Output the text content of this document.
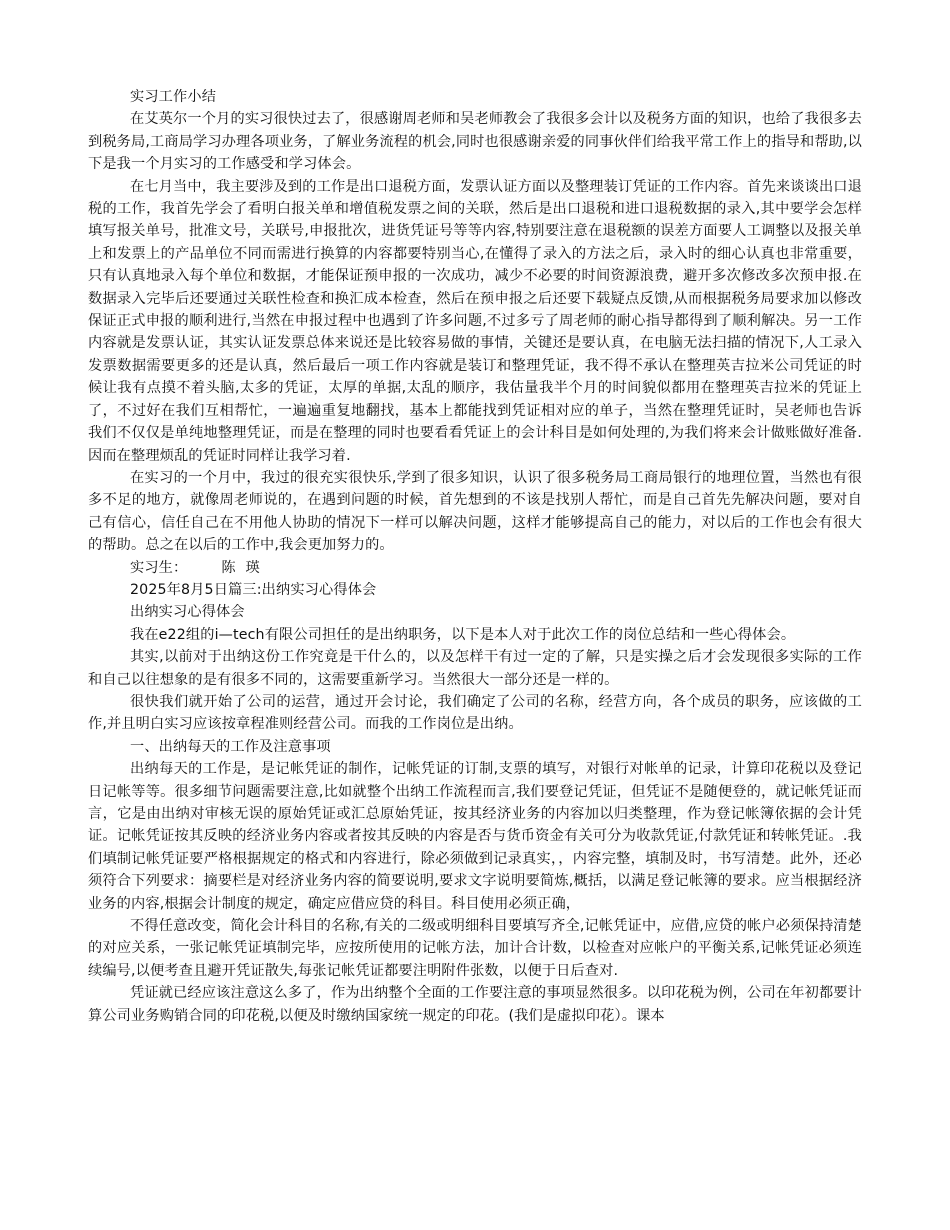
实习工作小结

在艾英尔一个月的实习很快过去了，很感谢周老师和吴老师教会了我很多会计以及税务方面的知识，也给了我很多去到税务局,工商局学习办理各项业务，了解业务流程的机会,同时也很感谢亲爱的同事伙伴们给我平常工作上的指导和帮助,以下是我一个月实习的工作感受和学习体会。

在七月当中，我主要涉及到的工作是出口退税方面，发票认证方面以及整理装订凭证的工作内容。首先来谈谈出口退税的工作，我首先学会了看明白报关单和增值税发票之间的关联，然后是出口退税和进口退税数据的录入,其中要学会怎样填写报关单号，批准文号，关联号,申报批次，进货凭证号等等内容,特别要注意在退税额的误差方面要人工调整以及报关单上和发票上的产品单位不同而需进行换算的内容都要特别当心,在懂得了录入的方法之后，录入时的细心认真也非常重要，只有认真地录入每个单位和数据，才能保证预申报的一次成功，减少不必要的时间资源浪费，避开多次修改多次预申报.在数据录入完毕后还要通过关联性检查和换汇成本检查，然后在预申报之后还要下载疑点反馈,从而根据税务局要求加以修改保证正式申报的顺利进行,当然在申报过程中也遇到了许多问题,不过多亏了周老师的耐心指导都得到了顺利解决。另一工作内容就是发票认证，其实认证发票总体来说还是比较容易做的事情，关键还是要认真，在电脑无法扫描的情况下,人工录入发票数据需要更多的还是认真，然后最后一项工作内容就是装订和整理凭证，我不得不承认在整理英吉拉米公司凭证的时候让我有点摸不着头脑,太多的凭证，太厚的单据,太乱的顺序，我估量我半个月的时间貌似都用在整理英吉拉米的凭证上了，不过好在我们互相帮忙，一遍遍重复地翻找，基本上都能找到凭证相对应的单子，当然在整理凭证时，吴老师也告诉我们不仅仅是单纯地整理凭证，而是在整理的同时也要看看凭证上的会计科目是如何处理的,为我们将来会计做账做好准备.因而在整理烦乱的凭证时同样让我学习着.

在实习的一个月中，我过的很充实很快乐,学到了很多知识，认识了很多税务局工商局银行的地理位置，当然也有很多不足的地方，就像周老师说的，在遇到问题的时候，首先想到的不该是找别人帮忙，而是自己首先先解决问题，要对自己有信心，信任自己在不用他人协助的情况下一样可以解决问题，这样才能够提高自己的能力，对以后的工作也会有很大的帮助。总之在以后的工作中,我会更加努力的。

实习生： 陈瑛

2025年8月5日篇三:出纳实习心得体会

出纳实习心得体会

我在e22组的i—tech有限公司担任的是出纳职务，以下是本人对于此次工作的岗位总结和一些心得体会。

其实,以前对于出纳这份工作究竟是干什么的，以及怎样干有过一定的了解，只是实操之后才会发现很多实际的工作和自己以往想象的是有很多不同的，这需要重新学习。当然很大一部分还是一样的。

很快我们就开始了公司的运营，通过开会讨论，我们确定了公司的名称，经营方向，各个成员的职务，应该做的工作,并且明白实习应该按章程准则经营公司。而我的工作岗位是出纳。

一、出纳每天的工作及注意事项

出纳每天的工作是，是记帐凭证的制作，记帐凭证的订制,支票的填写，对银行对帐单的记录，计算印花税以及登记日记帐等等。很多细节问题需要注意,比如就整个出纳工作流程而言,我们要登记凭证，但凭证不是随便登的，就记帐凭证而言，它是由出纳对审核无误的原始凭证或汇总原始凭证，按其经济业务的内容加以归类整理，作为登记帐簿依据的会计凭证。记帐凭证按其反映的经济业务内容或者按其反映的内容是否与货币资金有关可分为收款凭证,付款凭证和转帐凭证。.我们填制记帐凭证要严格根据规定的格式和内容进行，除必须做到记录真实，，内容完整，填制及时，书写清楚。此外，还必须符合下列要求：摘要栏是对经济业务内容的简要说明,要求文字说明要简炼,概括，以满足登记帐簿的要求。应当根据经济业务的内容,根据会计制度的规定，确定应借应贷的科目。科目使用必须正确，

不得任意改变，简化会计科目的名称,有关的二级或明细科目要填写齐全,记帐凭证中，应借,应贷的帐户必须保持清楚的对应关系，一张记帐凭证填制完毕，应按所使用的记帐方法，加计合计数，以检查对应帐户的平衡关系,记帐凭证必须连续编号,以便考查且避开凭证散失,每张记帐凭证都要注明附件张数，以便于日后查对.

凭证就已经应该注意这么多了，作为出纳整个全面的工作要注意的事项显然很多。以印花税为例，公司在年初都要计算公司业务购销合同的印花税,以便及时缴纳国家统一规定的印花。(我们是虚拟印花）。课本
